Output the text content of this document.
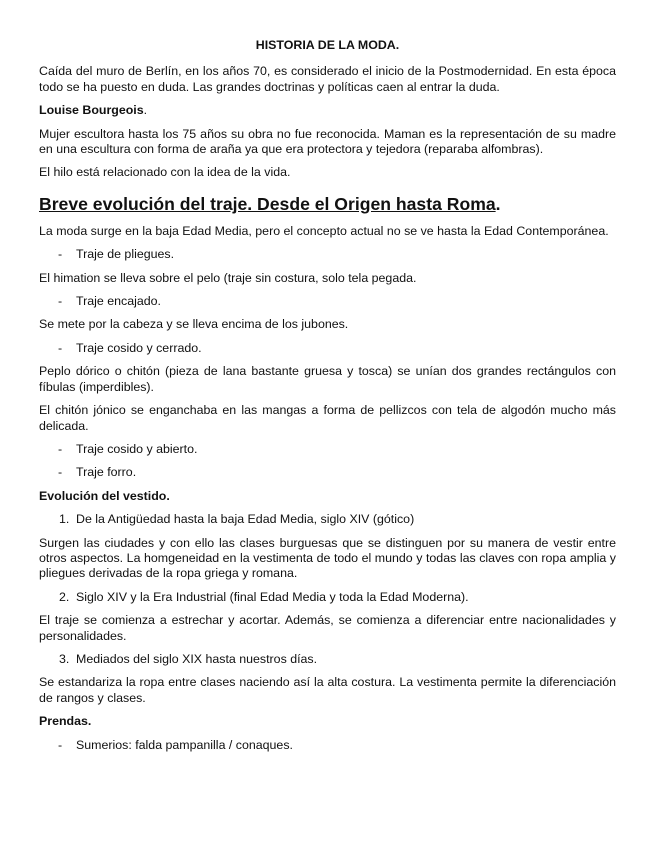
HISTORIA DE LA MODA.

Caída del muro de Berlín, en los años 70, es considerado el inicio de la Postmodernidad. En esta época todo se ha puesto en duda. Las grandes doctrinas y políticas caen al entrar la duda.

Louise Bourgeois.

Mujer escultora hasta los 75 años su obra no fue reconocida. Maman es la representación de su madre en una escultura con forma de araña ya que era protectora y tejedora (reparaba alfombras).

El hilo está relacionado con la idea de la vida.

Breve evolución del traje. Desde el Origen hasta Roma.

La moda surge en la baja Edad Media, pero el concepto actual no se ve hasta la Edad Contemporánea.

- Traje de pliegues.

El himation se lleva sobre el pelo (traje sin costura, solo tela pegada.

- Traje encajado.

Se mete por la cabeza y se lleva encima de los jubones.

- Traje cosido y cerrado.

Peplo dórico o chitón (pieza de lana bastante gruesa y tosca) se unían dos grandes rectángulos con fíbulas (imperdibles).

El chitón jónico se enganchaba en las mangas a forma de pellizcos con tela de algodón mucho más delicada.

- Traje cosido y abierto.
- Traje forro.
Evolución del vestido.
1. De la Antigüedad hasta la baja Edad Media, siglo XIV (gótico)

Surgen las ciudades y con ello las clases burguesas que se distinguen por su manera de vestir entre otros aspectos. La homgeneidad en la vestimenta de todo el mundo y todas las claves con ropa amplia y pliegues derivadas de la ropa griega y romana.

2. Siglo XIV y la Era Industrial (final Edad Media y toda la Edad Moderna).

El traje se comienza a estrechar y acortar. Además, se comienza a diferenciar entre nacionalidades y personalidades.

3. Mediados del siglo XIX hasta nuestros días.

Se estandariza la ropa entre clases naciendo así la alta costura. La vestimenta permite la diferenciación de rangos y clases.

Prendas.
- Sumerios: falda pampanilla / conaques.
